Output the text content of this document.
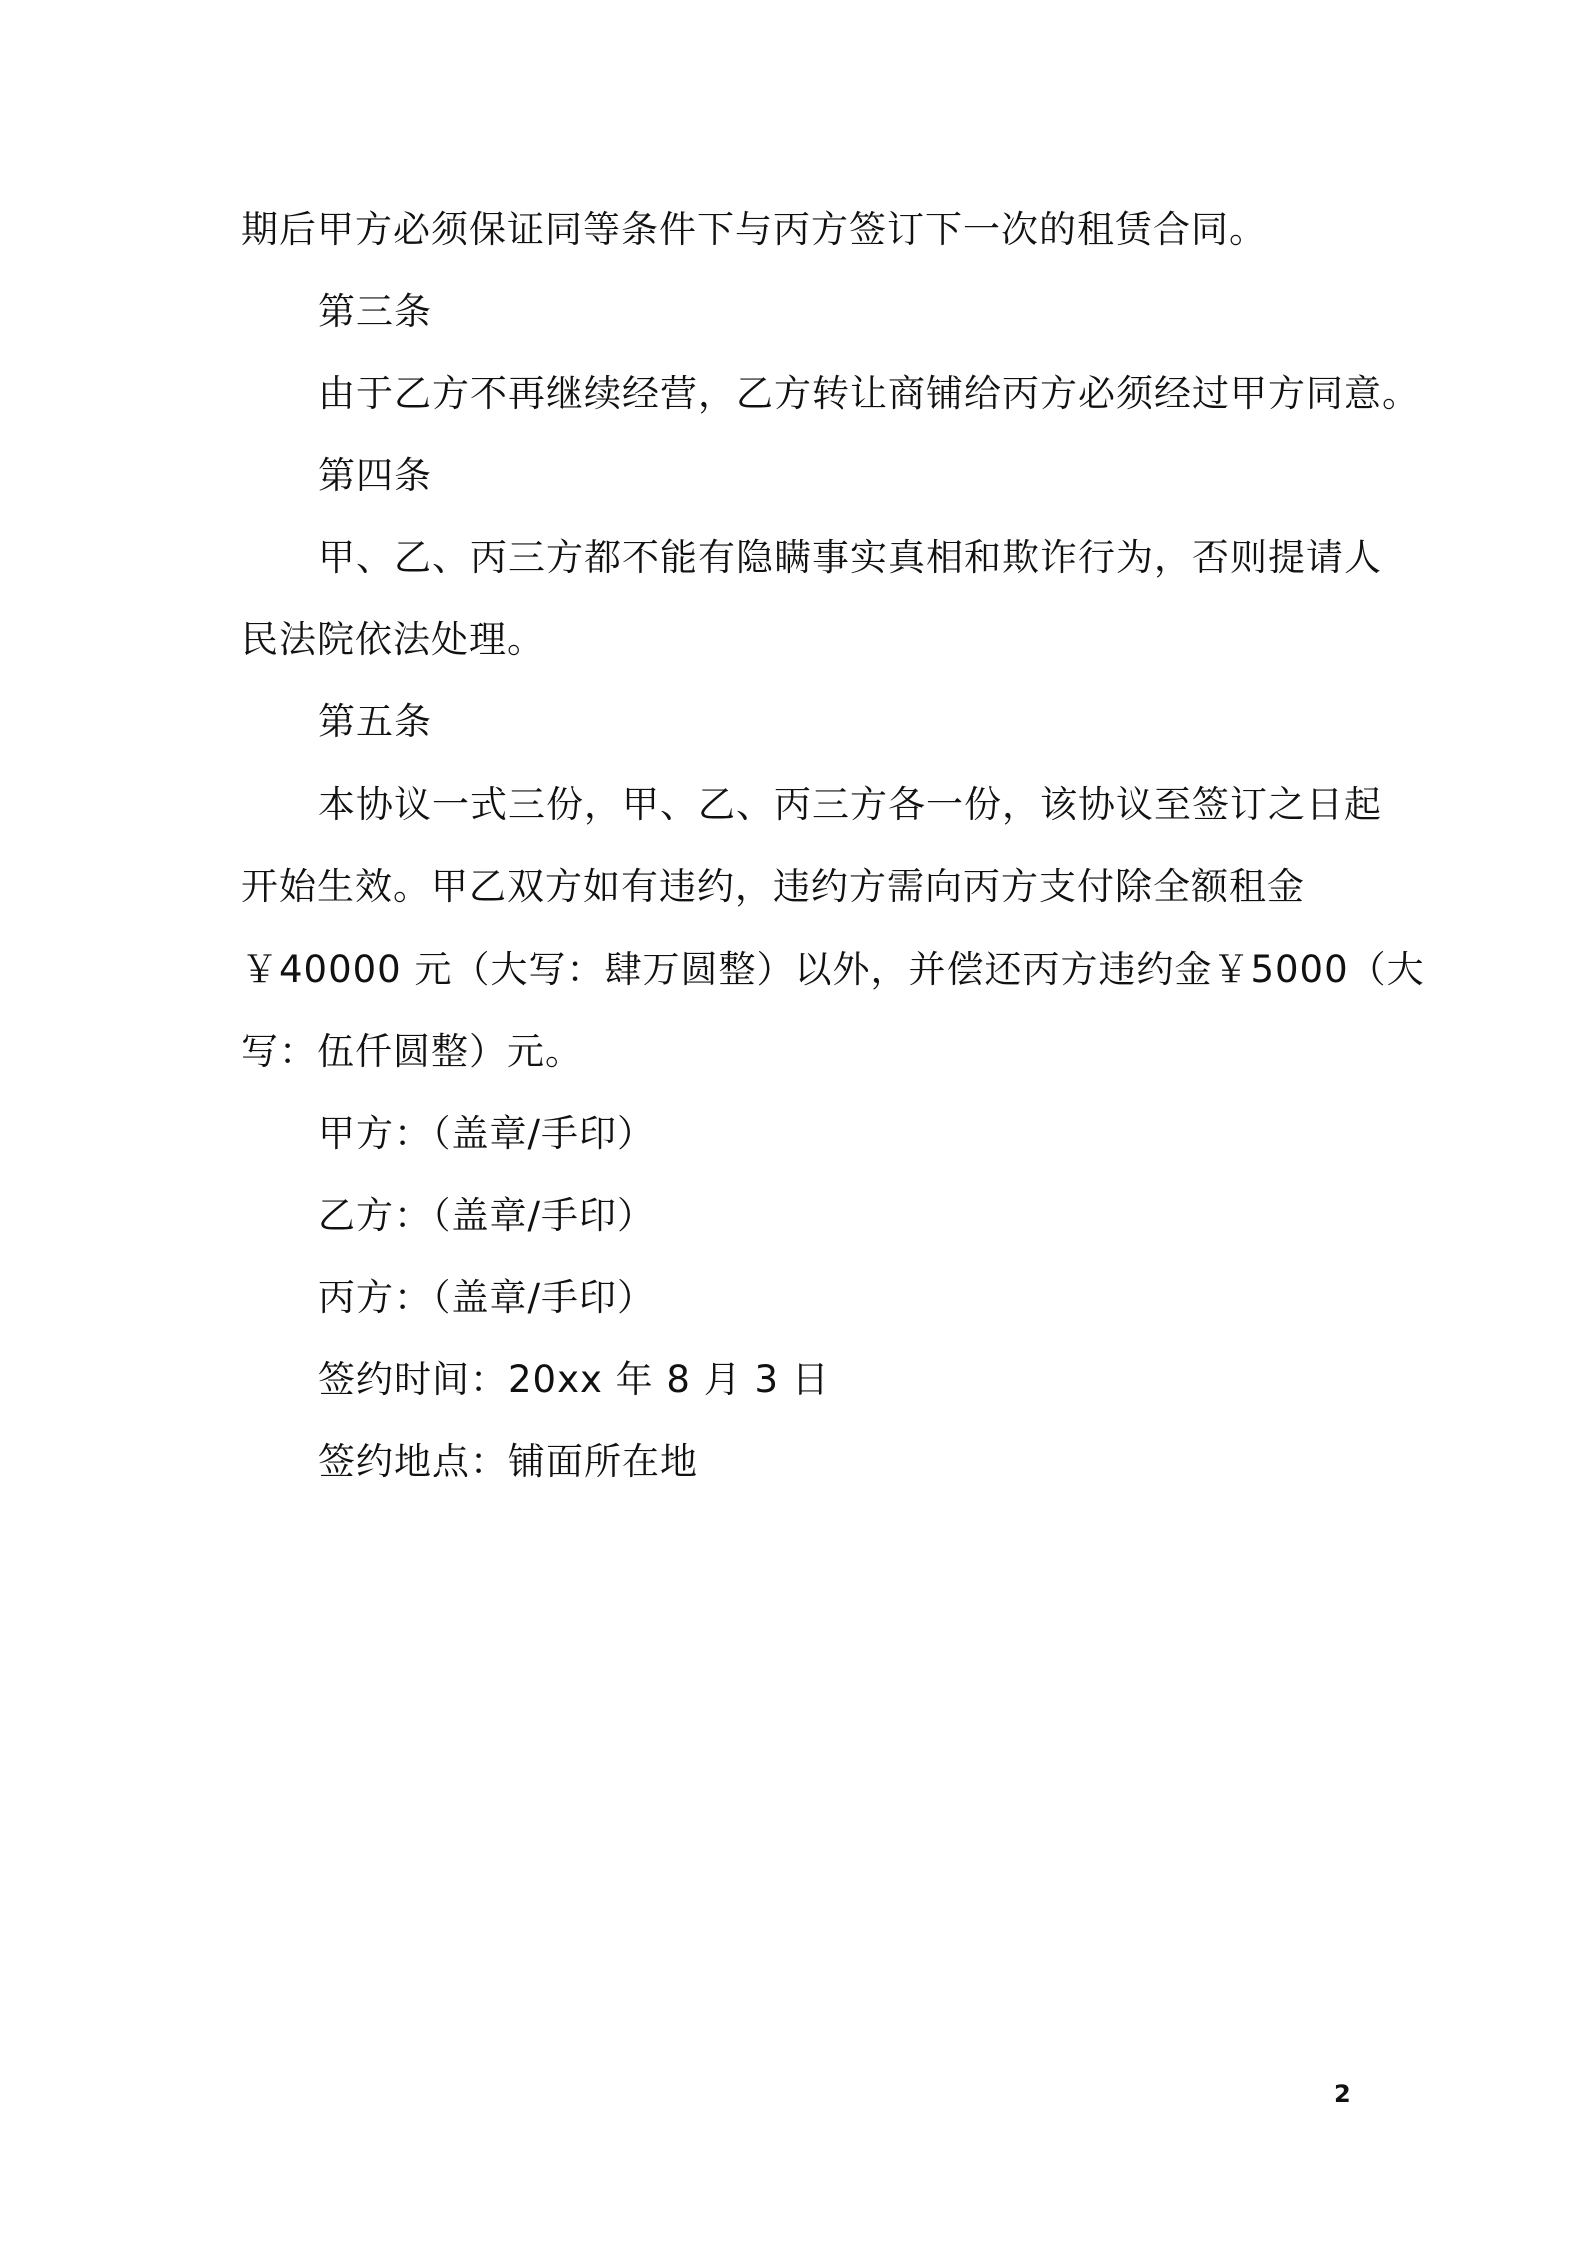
期后甲方必须保证同等条件下与丙方签订下一次的租赁合同。
第三条
由于乙方不再继续经营，乙方转让商铺给丙方必须经过甲方同意。
第四条
甲、乙、丙三方都不能有隐瞒事实真相和欺诈行为，否则提请人
民法院依法处理。
第五条
本协议一式三份，甲、乙、丙三方各一份，该协议至签订之日起
开始生效。甲乙双方如有违约，违约方需向丙方支付除全额租金
￥40000 元（大写：肆万圆整）以外，并偿还丙方违约金￥5000（大
写：伍仟圆整）元。
甲方：（盖章/手印）
乙方：（盖章/手印）
丙方：（盖章/手印）
签约时间：20xx 年 8 月 3 日
签约地点：铺面所在地
2
